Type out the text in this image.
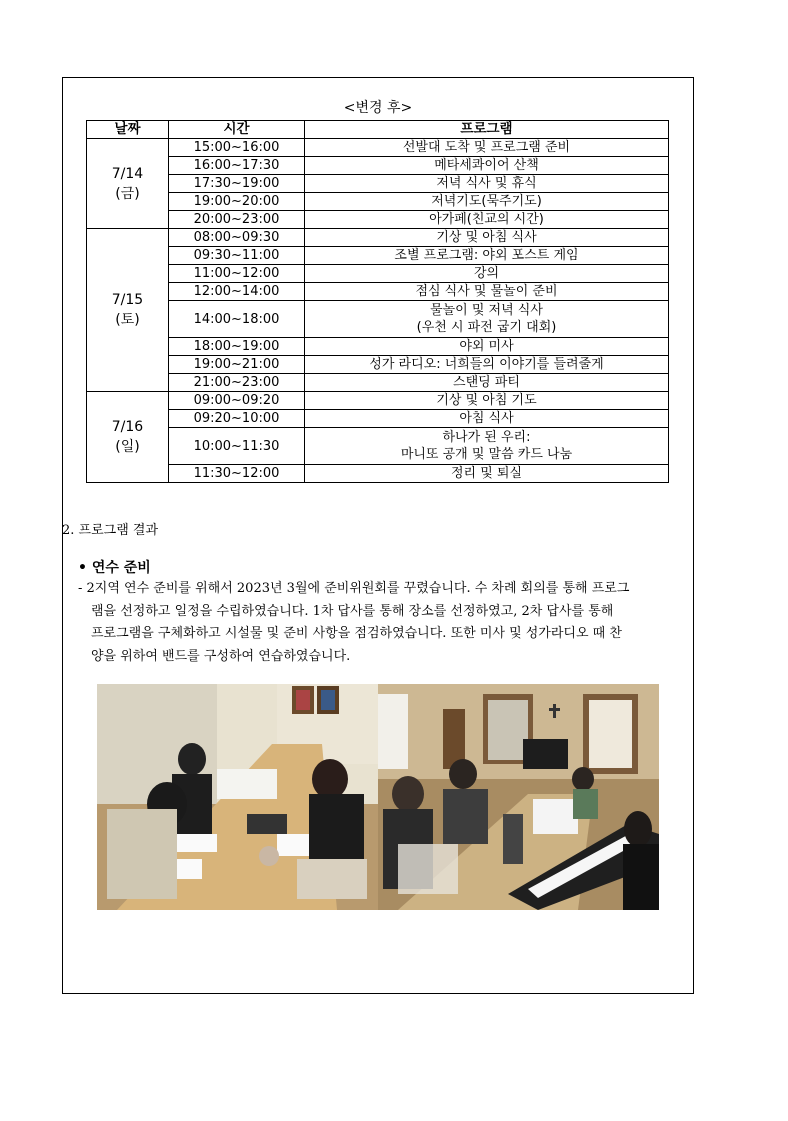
<변경 후>
날짜	시간	프로그램

7/14
(금)	15:00~16:00	선발대 도착 및 프로그램 준비

	16:00~17:30	메타세콰이어 산책

	17:30~19:00	저녁 식사 및 휴식

	19:00~20:00	저녁기도(묵주기도)

	20:00~23:00	아가페(친교의 시간)

7/15
(토)	08:00~09:30	기상 및 아침 식사

	09:30~11:00	조별 프로그램: 야외 포스트 게임

	11:00~12:00	강의

	12:00~14:00	점심 식사 및 물놀이 준비

	14:00~18:00	물놀이 및 저녁 식사
(우천 시 파전 굽기 대회)

	18:00~19:00	야외 미사

	19:00~21:00	성가 라디오: 너희들의 이야기를 들려줄게

	21:00~23:00	스탠딩 파티

7/16
(일)	09:00~09:20	기상 및 아침 기도

	09:20~10:00	아침 식사

	10:00~11:30	하나가 된 우리:
마니또 공개 및 말씀 카드 나눔

	11:30~12:00	정리 및 퇴실
2. 프로그램 결과
• 연수 준비
- 2지역 연수 준비를 위해서 2023년 3월에 준비위원회를 꾸렸습니다. 수 차례 회의를 통해 프로그
램을 선정하고 일정을 수립하였습니다. 1차 답사를 통해 장소를 선정하였고, 2차 답사를 통해
프로그램을 구체화하고 시설물 및 준비 사항을 점검하였습니다. 또한 미사 및 성가라디오 때 찬
양을 위하여 밴드를 구성하여 연습하였습니다.
